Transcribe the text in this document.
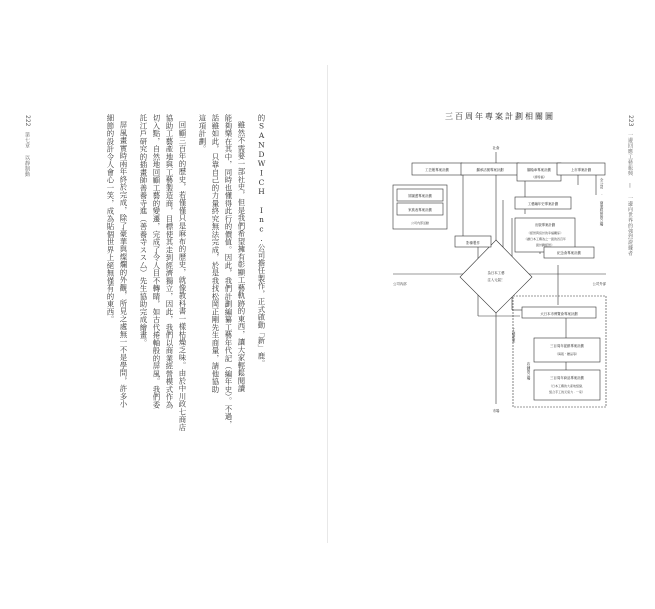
222
第七章 以靜制動	的SANDWICH Inc.公司擔任製作，正式啟動「新」鹿。
雖然不需要一部社史，但是我們希望擁有彰顯工藝軌跡的東西，讓大家輕鬆閱讀
能夠樂在其中，同時也懂得此行的價值。因此，我們計劃編纂工藝年代記（編年史）。不過，
話雖如此，只靠自己的力量終究無法完成，於是我找松岡正剛先生商量，請他協助
這項計劃。
回顧三百年的歷史，若僅僅只是麻布的歷史，就像教科書一樣枯燥乏味。由於中川政七商店
協助工藝產地與工藝製造商，目標使其走到經濟獨立，因此，我們以商業經營模式作為
切入點，自然地回顧工藝的變遷，完成了令人目不轉睛，如古代捲軸般的屏風。我們委
託江戶研究的插畫師善養寺進（善養寺スス厶）先生協助完成繪畫。
屏風畫實時兩年終於完成，除了豪華與燦爛的外觀，所見之處無一不是學問，許多小
細節的設計令人會心一笑，成為貼個世界上絕無僅有的東西。	223
一邊回應工藝振興 | 一邊向世界的強烈證據者
三百周年專案計劃相關圖
工芸帳專案計劃	繼承活號專案計劃	腳踏車專案計劃
（諦特福）
上市專案計劃
工藝編年史專案計劃
出版專案計劃
《經營與設計的幸福關係》
《讓日本工藝為之一振的四百年
振計劃經營》
紀念會專案計劃
屏圖畫專案計劃
家族表專案計劃
公司內部活動
影像製作
大日本市博覽會專案計劃
三百周年促銷專案計劃
（海報・贈品等）
三百周年商品專案計劃
（日本工藝的大產地組織、
組合手工的元氣力 ‧ 一家）
社會
市場
公司內部	公司外部
為日本工藝
注入元氣！
工藝產業
店鋪的立場
全公司 · 商業經營的立場
